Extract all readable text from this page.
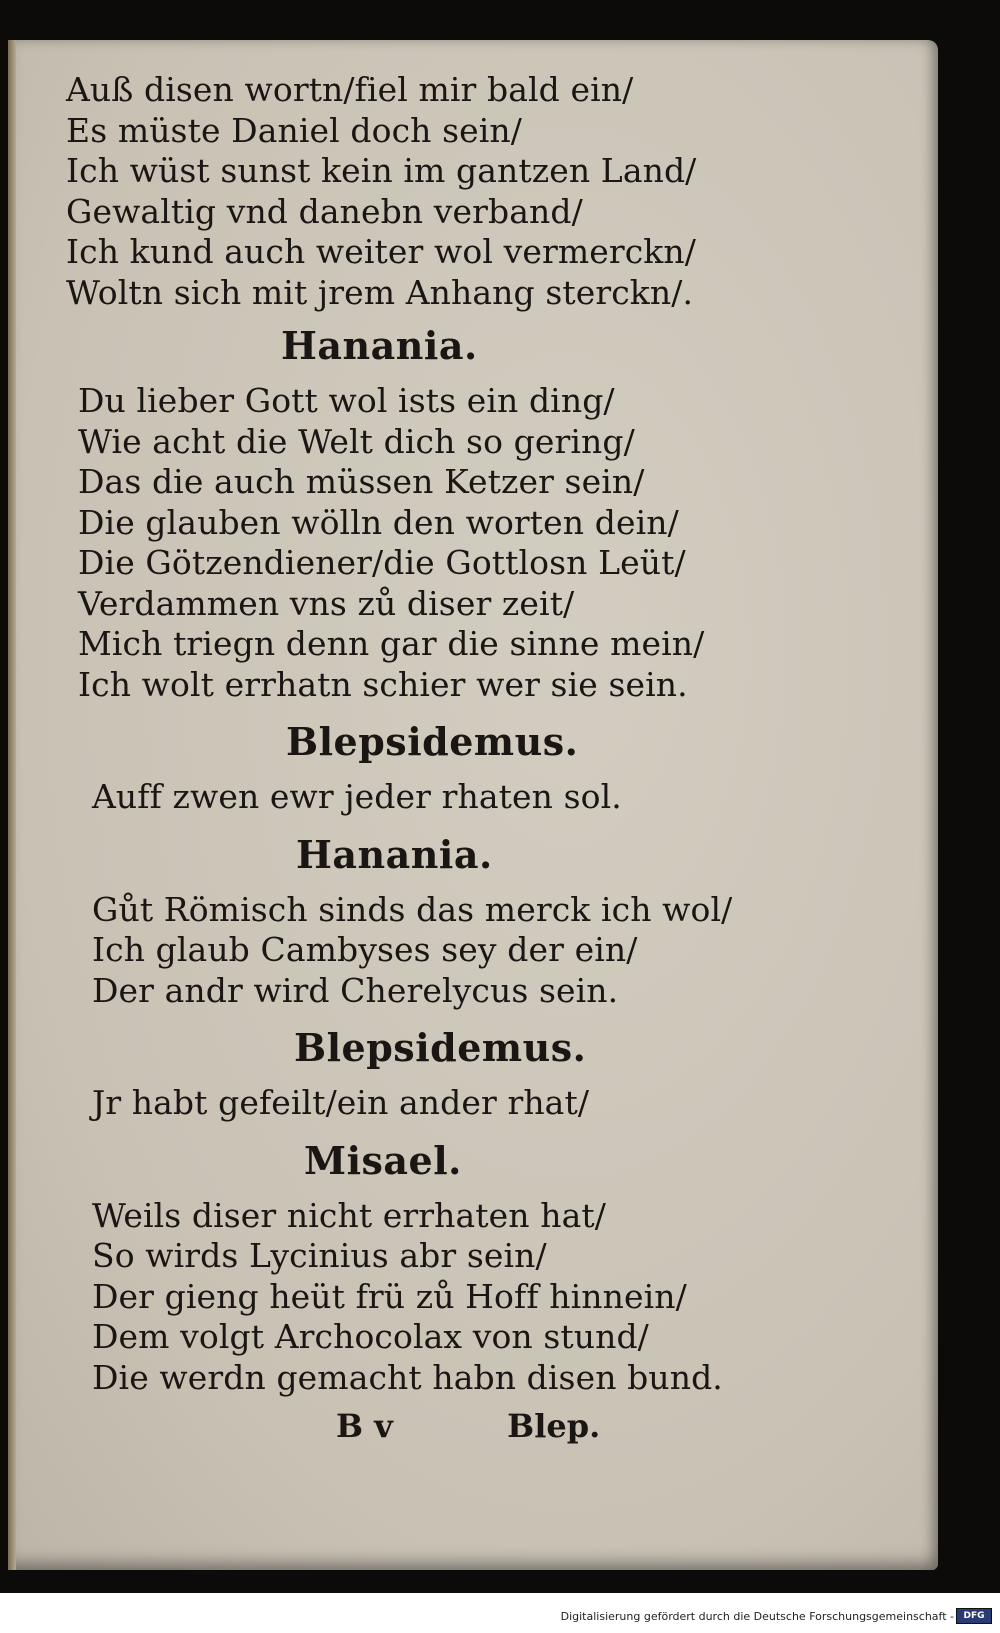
Auß disen wortn/fiel mir bald ein/
Es müste Daniel doch sein/
Ich wüst sunst kein im gantzen Land/
Gewaltig vnd danebn verband/
Ich kund auch weiter wol vermerckn/
Woltn sich mit jrem Anhang sterckn/.
Hanania.
Du lieber Gott wol ists ein ding/
Wie acht die Welt dich so gering/
Das die auch müssen Ketzer sein/
Die glauben wölln den worten dein/
Die Götzendiener/die Gottlosn Leüt/
Verdammen vns zů diser zeit/
Mich triegn denn gar die sinne mein/
Ich wolt errhatn schier wer sie sein.
Blepsidemus.
Auff zwen ewr jeder rhaten sol.
Hanania.
Gůt Römisch sinds das merck ich wol/
Ich glaub Cambyses sey der ein/
Der andr wird Cherelycus sein.
Blepsidemus.
Jr habt gefeilt/ein ander rhat/
Misael.
Weils diser nicht errhaten hat/
So wirds Lycinius abr sein/
Der gieng heüt frü zů Hoff hinnein/
Dem volgt Archocolax von stund/
Die werdn gemacht habn disen bund.
B v	Blep.
Digitalisierung gefördert durch die Deutsche Forschungsgemeinschaft -	DFG
